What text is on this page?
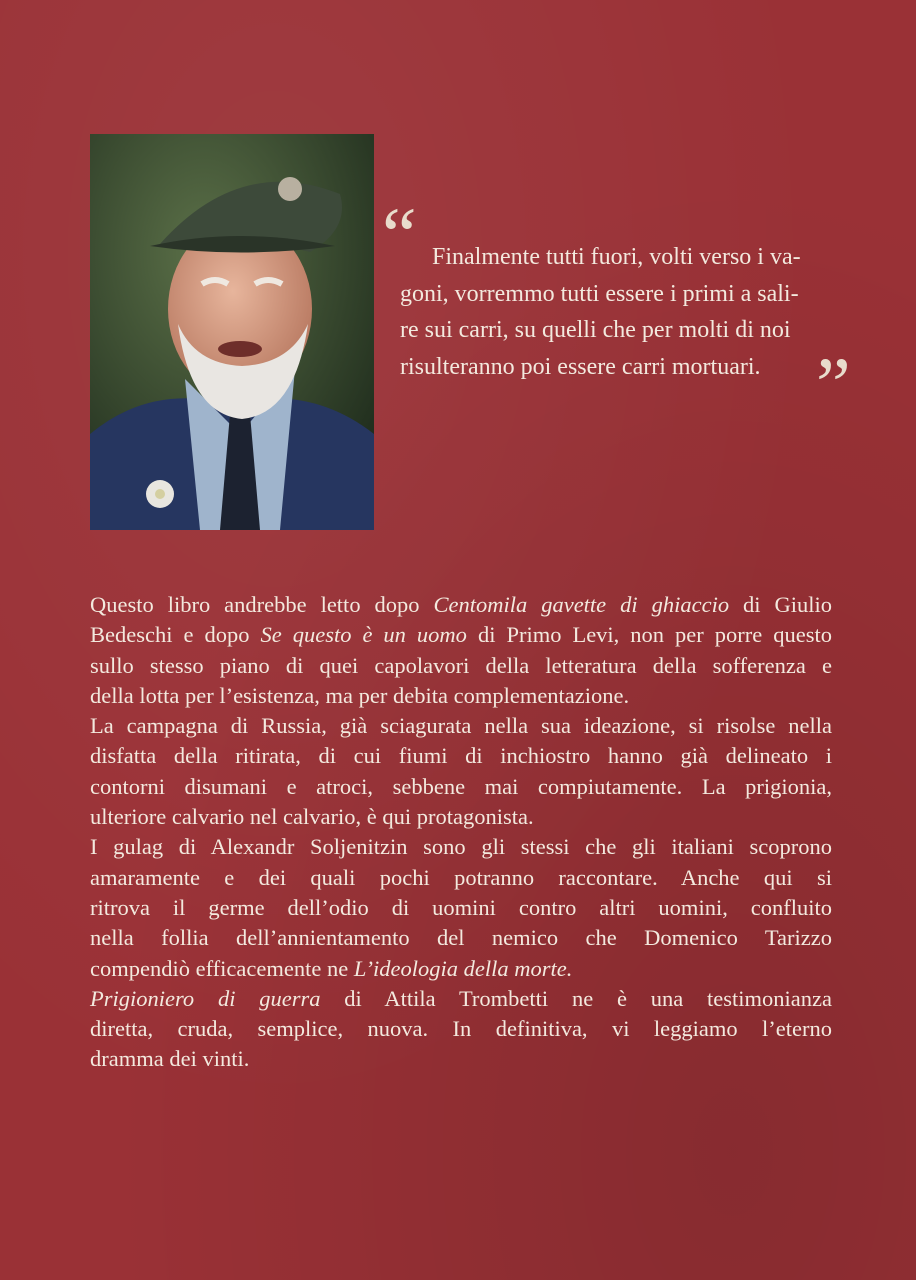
“ Finalmente tutti fuori, volti verso i va-
goni, vorremmo tutti essere i primi a sali-
re sui carri, su quelli che per molti di noi
risulteranno poi essere carri mortuari. ”
Questo libro andrebbe letto dopo Centomila gavette di ghiaccio di Giulio
Bedeschi e dopo Se questo è un uomo di Primo Levi, non per porre questo
sullo stesso piano di quei capolavori della letteratura della sofferenza e
della lotta per l’esistenza, ma per debita complementazione.
La campagna di Russia, già sciagurata nella sua ideazione, si risolse nella
disfatta della ritirata, di cui fiumi di inchiostro hanno già delineato i
contorni disumani e atroci, sebbene mai compiutamente. La prigionia,
ulteriore calvario nel calvario, è qui protagonista.
I gulag di Alexandr Soljenitzin sono gli stessi che gli italiani scoprono
amaramente e dei quali pochi potranno raccontare. Anche qui si
ritrova il germe dell’odio di uomini contro altri uomini, confluito
nella follia dell’annientamento del nemico che Domenico Tarizzo
compendiò efficacemente ne L’ideologia della morte.
Prigioniero di guerra di Attila Trombetti ne è una testimonianza
diretta, cruda, semplice, nuova. In definitiva, vi leggiamo l’eterno
dramma dei vinti.
